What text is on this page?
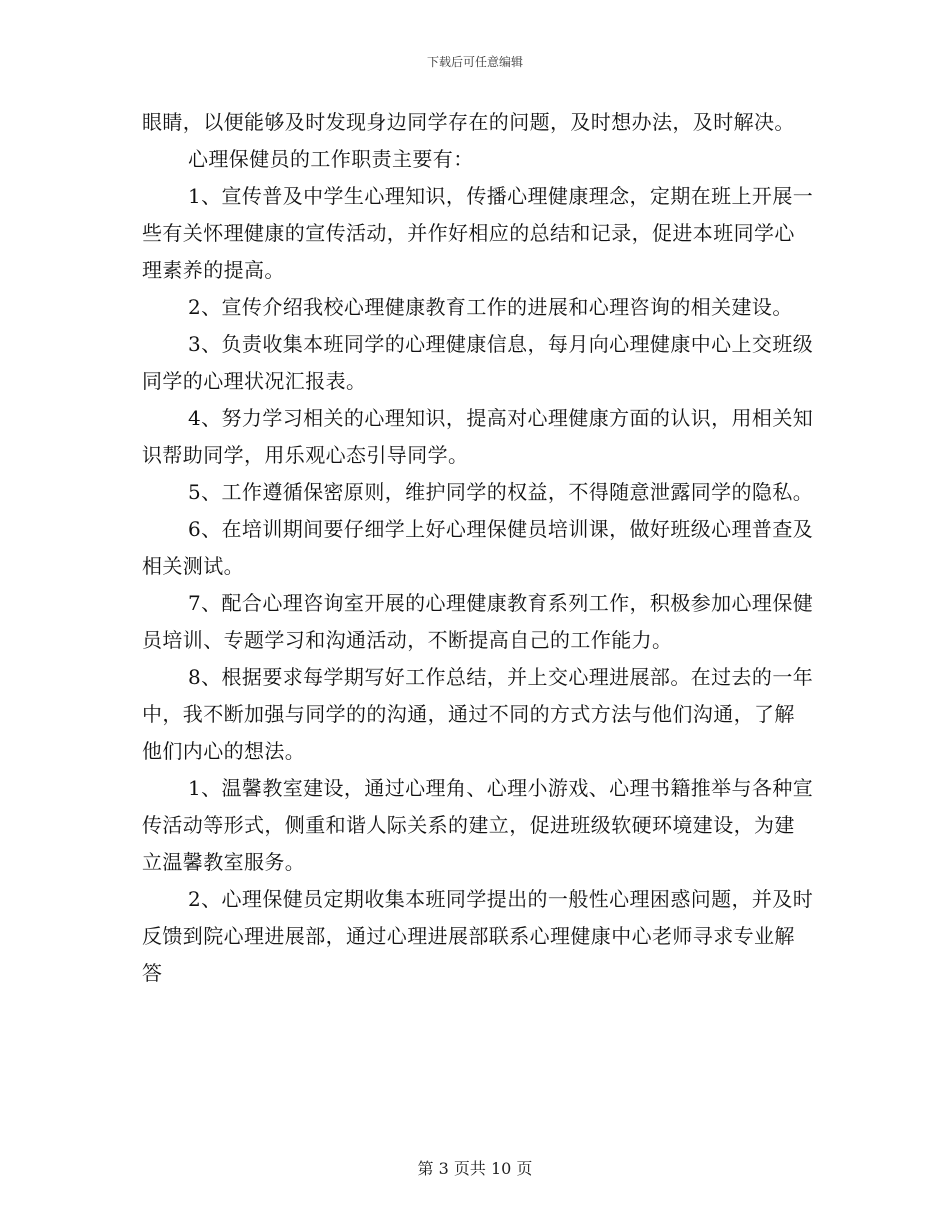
下载后可任意编辑

眼睛，以便能够及时发现身边同学存在的问题，及时想办法，及时解决。

心理保健员的工作职责主要有：

1、宣传普及中学生心理知识，传播心理健康理念，定期在班上开展一些有关怀理健康的宣传活动，并作好相应的总结和记录，促进本班同学心理素养的提高。

2、宣传介绍我校心理健康教育工作的进展和心理咨询的相关建设。

3、负责收集本班同学的心理健康信息，每月向心理健康中心上交班级同学的心理状况汇报表。

4、努力学习相关的心理知识，提高对心理健康方面的认识，用相关知识帮助同学，用乐观心态引导同学。

5、工作遵循保密原则，维护同学的权益，不得随意泄露同学的隐私。

6、在培训期间要仔细学上好心理保健员培训课，做好班级心理普查及相关测试。

7、配合心理咨询室开展的心理健康教育系列工作，积极参加心理保健员培训、专题学习和沟通活动，不断提高自己的工作能力。

8、根据要求每学期写好工作总结，并上交心理进展部。在过去的一年中，我不断加强与同学的的沟通，通过不同的方式方法与他们沟通，了解他们内心的想法。

1、温馨教室建设，通过心理角、心理小游戏、心理书籍推举与各种宣传活动等形式，侧重和谐人际关系的建立，促进班级软硬环境建设，为建立温馨教室服务。

2、心理保健员定期收集本班同学提出的一般性心理困惑问题，并及时反馈到院心理进展部，通过心理进展部联系心理健康中心老师寻求专业解答

第 3 页共 10 页
